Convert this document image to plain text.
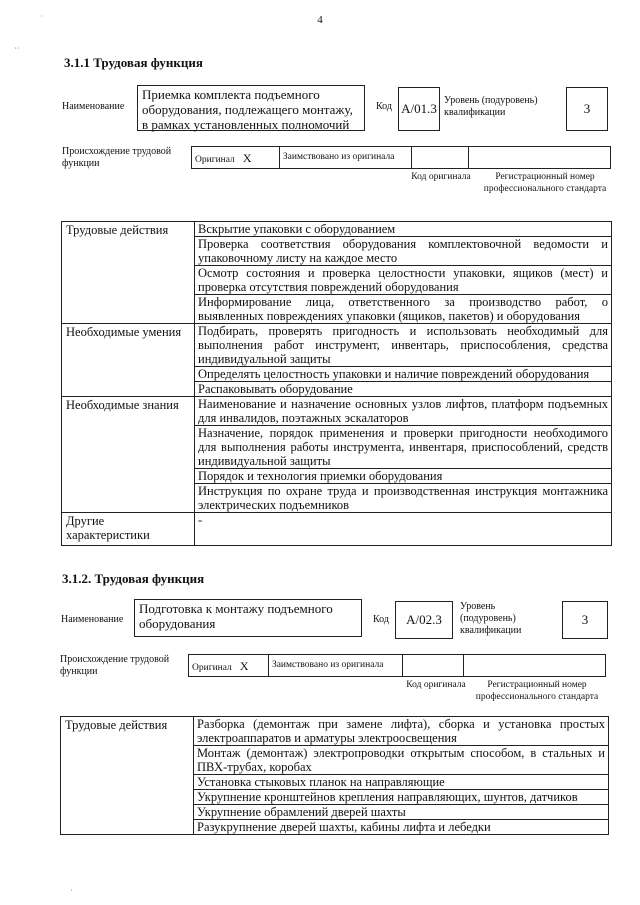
˙
ˋ˙
4
3.1.1 Трудовая функция
Наименование
Приемка комплекта подъемного оборудования, подлежащего монтажу, в рамках установленных полномочий
Код А/01.3
Уровень (подуровень) квалификации	3
Происхождение трудовой функции	Оригинал X	Заимствовано из оригинала		
Код оригинала	Регистрационный номер профессионального стандарта
Трудовые действия	Вскрытие упаковки с оборудованием
	Проверка соответствия оборудования комплектовочной ведомости и упаковочному листу на каждое место
	Осмотр состояния и проверка целостности упаковки, ящиков (мест) и проверка отсутствия повреждений оборудования
	Информирование лица, ответственного за производство работ, о выявленных повреждениях упаковки (ящиков, пакетов) и оборудования
Необходимые умения	Подбирать, проверять пригодность и использовать необходимый для выполнения работ инструмент, инвентарь, приспособления, средства индивидуальной защиты
	Определять целостность упаковки и наличие повреждений оборудования
	Распаковывать оборудование
Необходимые знания	Наименование и назначение основных узлов лифтов, платформ подъемных для инвалидов, поэтажных эскалаторов
	Назначение, порядок применения и проверки пригодности необходимого для выполнения работы инструмента, инвентаря, приспособлений, средств индивидуальной защиты
	Порядок и технология приемки оборудования
	Инструкция по охране труда и производственная инструкция монтажника электрических подъемников
Другие характеристики	-
3.1.2. Трудовая функция
Наименование
Подготовка к монтажу подъемного оборудования	Код	А/02.3
Уровень (подуровень) квалификации
3
Происхождение трудовой функции	Оригинал X	Заимствовано из оригинала		
Код оригинала	Регистрационный номер профессионального стандарта
Трудовые действия	Разборка (демонтаж при замене лифта), сборка и установка простых электроаппаратов и арматуры электроосвещения
Монтаж (демонтаж) электропроводки открытым способом, в стальных и ПВХ-трубах, коробах
Установка стыковых планок на направляющие
Укрупнение кронштейнов крепления направляющих, шунтов, датчиков
Укрупнение обрамлений дверей шахты
Разукрупнение дверей шахты, кабины лифта и лебедки
˙
